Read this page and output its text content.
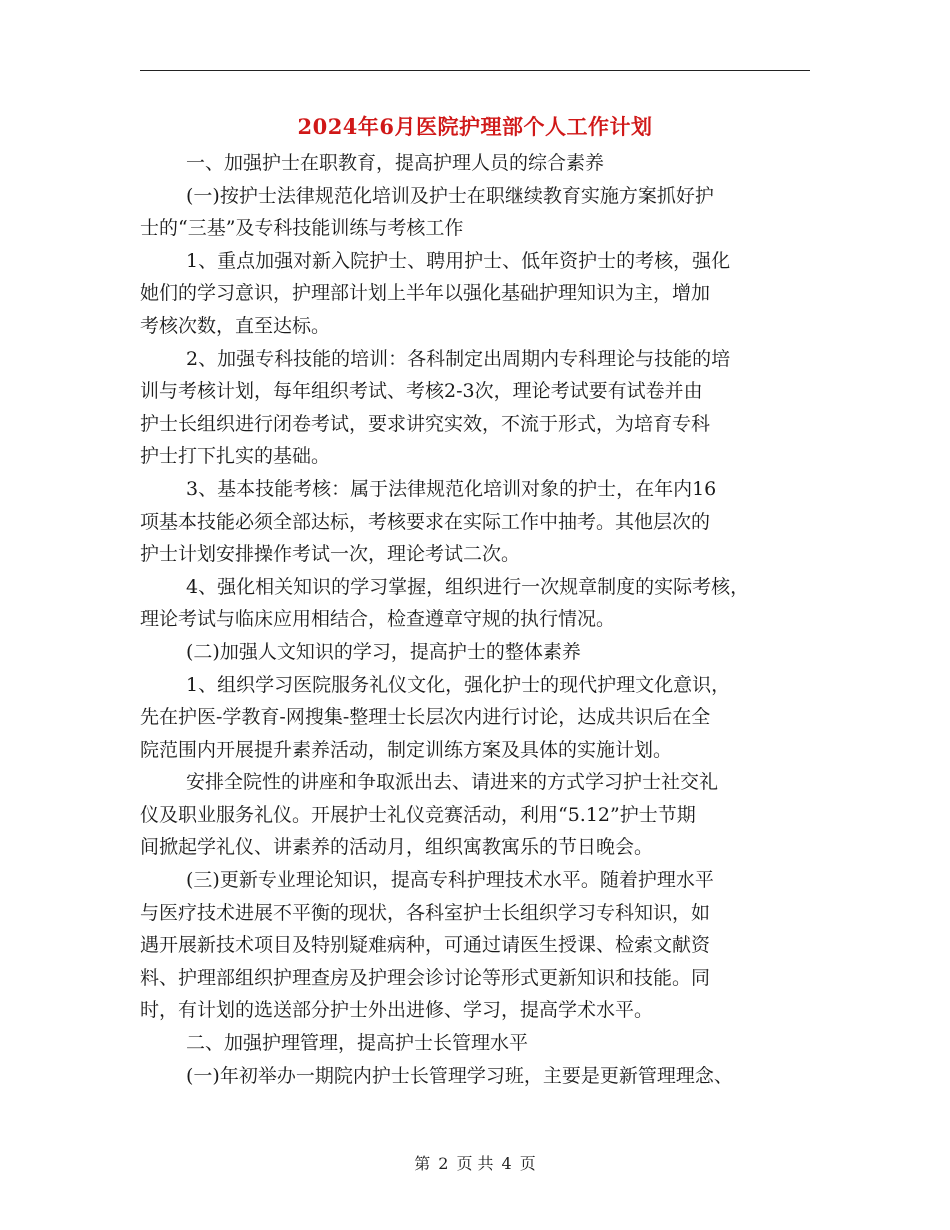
2024年6月医院护理部个人工作计划
一、加强护士在职教育，提高护理人员的综合素养
(一)按护士法律规范化培训及护士在职继续教育实施方案抓好护
士的“三基”及专科技能训练与考核工作
1、重点加强对新入院护士、聘用护士、低年资护士的考核，强化
她们的学习意识，护理部计划上半年以强化基础护理知识为主，增加
考核次数，直至达标。
2、加强专科技能的培训：各科制定出周期内专科理论与技能的培
训与考核计划，每年组织考试、考核2-3次，理论考试要有试卷并由
护士长组织进行闭卷考试，要求讲究实效，不流于形式，为培育专科
护士打下扎实的基础。
3、基本技能考核：属于法律规范化培训对象的护士，在年内16
项基本技能必须全部达标，考核要求在实际工作中抽考。其他层次的
护士计划安排操作考试一次，理论考试二次。
4、强化相关知识的学习掌握，组织进行一次规章制度的实际考核，
理论考试与临床应用相结合，检查遵章守规的执行情况。
(二)加强人文知识的学习，提高护士的整体素养
1、组织学习医院服务礼仪文化，强化护士的现代护理文化意识，
先在护医-学教育-网搜集-整理士长层次内进行讨论，达成共识后在全
院范围内开展提升素养活动，制定训练方案及具体的实施计划。
安排全院性的讲座和争取派出去、请进来的方式学习护士社交礼
仪及职业服务礼仪。开展护士礼仪竞赛活动，利用“5.12”护士节期
间掀起学礼仪、讲素养的活动月，组织寓教寓乐的节日晚会。
(三)更新专业理论知识，提高专科护理技术水平。随着护理水平
与医疗技术进展不平衡的现状，各科室护士长组织学习专科知识，如
遇开展新技术项目及特别疑难病种，可通过请医生授课、检索文献资
料、护理部组织护理查房及护理会诊讨论等形式更新知识和技能。同
时，有计划的选送部分护士外出进修、学习，提高学术水平。
二、加强护理管理，提高护士长管理水平
(一)年初举办一期院内护士长管理学习班，主要是更新管理理念、
第 2 页 共 4 页
